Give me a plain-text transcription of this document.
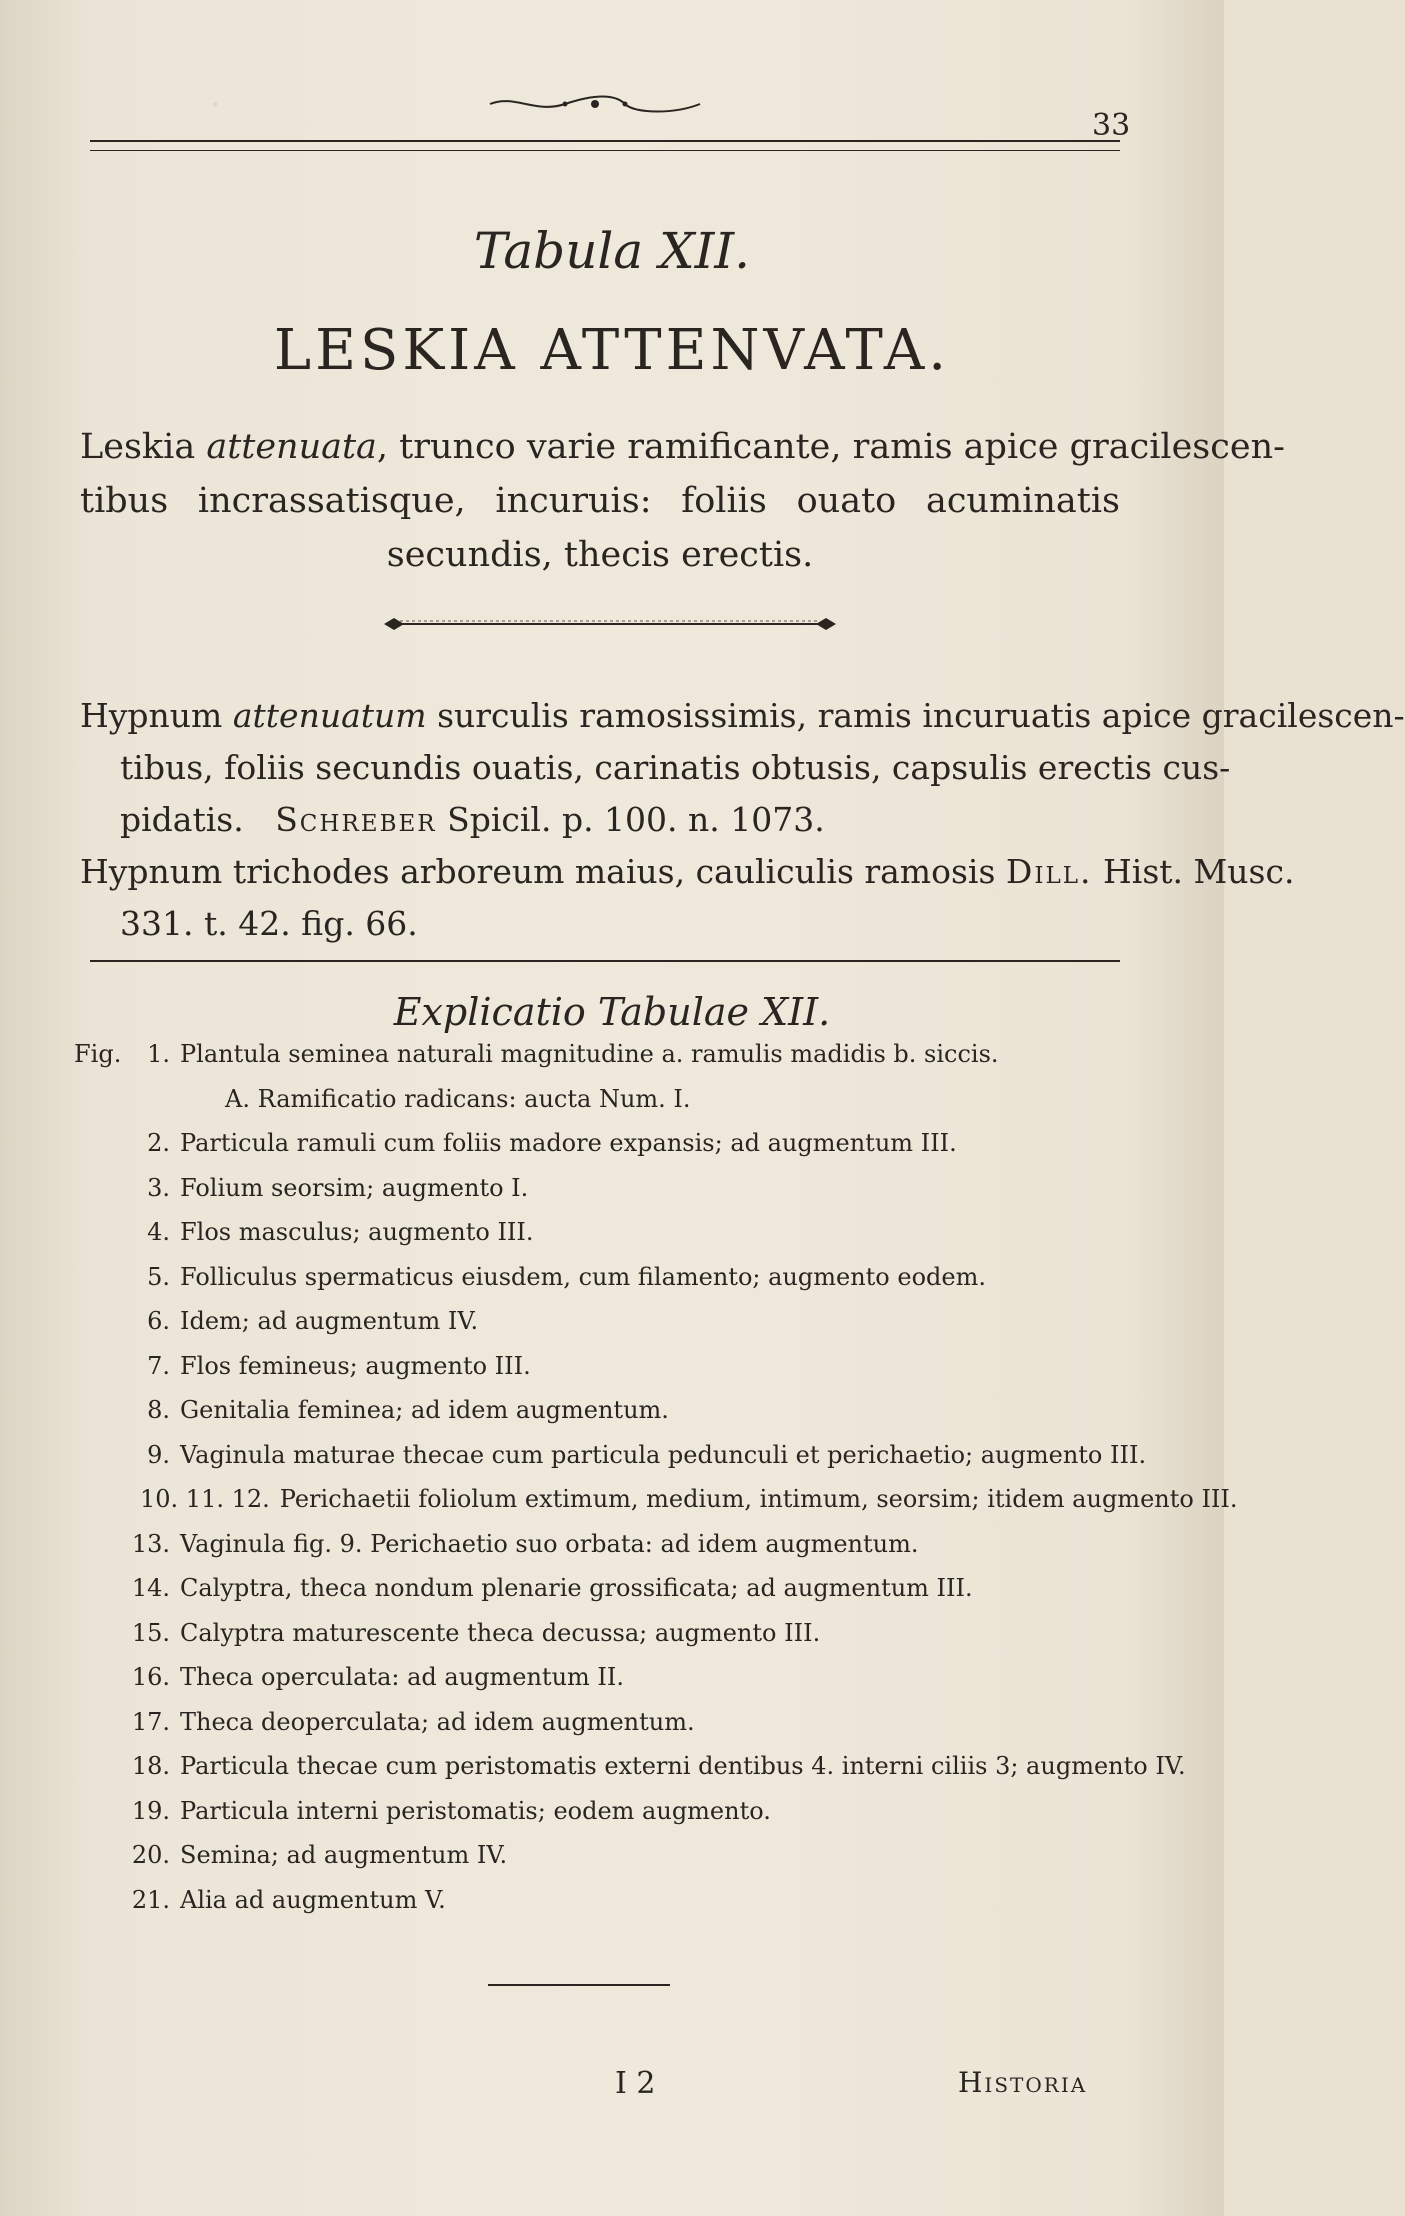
·
33
Tabula XII.
LESKIA ATTENVATA.
Leskia attenuata, trunco varie ramificante, ramis apice gracilescen-
tibus incrassatisque, incuruis: foliis ouato acuminatis
secundis, thecis erectis.
Hypnum attenuatum surculis ramosissimis, ramis incuruatis apice gracilescen-
tibus, foliis secundis ouatis, carinatis obtusis, capsulis erectis cus-
pidatis. Schreber Spicil. p. 100. n. 1073.
Hypnum trichodes arboreum maius, cauliculis ramosis Dill. Hist. Musc.
331. t. 42. fig. 66.
Explicatio Tabulae XII.
Fig.	1. Plantula seminea naturali magnitudine a. ramulis madidis b. siccis.
A. Ramificatio radicans: aucta Num. I.
2. Particula ramuli cum foliis madore expansis; ad augmentum III.
3. Folium seorsim; augmento I.
4. Flos masculus; augmento III.
5. Folliculus spermaticus eiusdem, cum filamento; augmento eodem.
6. Idem; ad augmentum IV.
7. Flos femineus; augmento III.
8. Genitalia feminea; ad idem augmentum.
9. Vaginula maturae thecae cum particula pedunculi et perichaetio; augmento III.
10. 11. 12. Perichaetii foliolum extimum, medium, intimum, seorsim; itidem augmento III.
13. Vaginula fig. 9. Perichaetio suo orbata: ad idem augmentum.
14. Calyptra, theca nondum plenarie grossificata; ad augmentum III.
15. Calyptra maturescente theca decussa; augmento III.
16. Theca operculata: ad augmentum II.
17. Theca deoperculata; ad idem augmentum.
18. Particula thecae cum peristomatis externi dentibus 4. interni ciliis 3; augmento IV.
19. Particula interni peristomatis; eodem augmento.
20. Semina; ad augmentum IV.
21. Alia ad augmentum V.
I 2	Historia
